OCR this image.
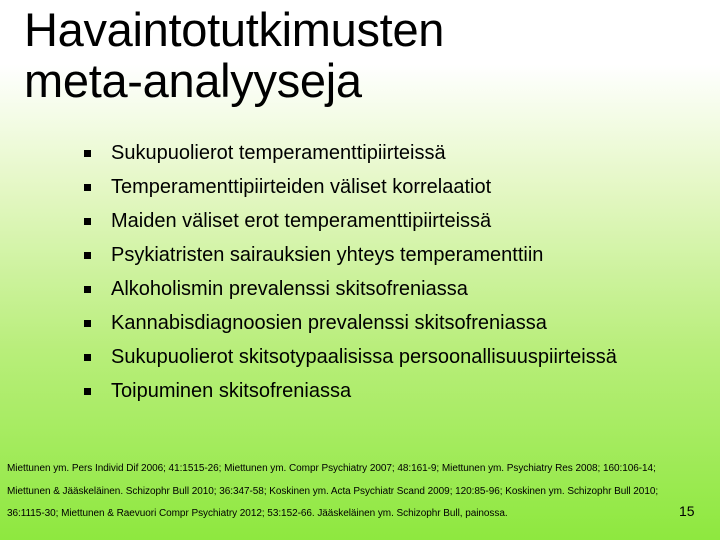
Havaintotutkimusten
meta-analyyseja
Sukupuolierot temperamenttipiirteissä
Temperamenttipiirteiden väliset korrelaatiot
Maiden väliset erot temperamenttipiirteissä
Psykiatristen sairauksien yhteys temperamenttiin
Alkoholismin prevalenssi skitsofreniassa
Kannabisdiagnoosien prevalenssi skitsofreniassa
Sukupuolierot skitsotypaalisissa persoonallisuuspiirteissä
Toipuminen skitsofreniassa

Miettunen ym. Pers Individ Dif 2006; 41:1515-26; Miettunen ym. Compr Psychiatry 2007; 48:161-9; Miettunen ym. Psychiatry Res 2008; 160:106-14; Miettunen & Jääskeläinen. Schizophr Bull 2010; 36:347-58; Koskinen ym. Acta Psychiatr Scand 2009; 120:85-96; Koskinen ym. Schizophr Bull 2010; 36:1115-30; Miettunen & Raevuori Compr Psychiatry 2012; 53:152-66. Jääskeläinen ym. Schizophr Bull, painossa.	15
